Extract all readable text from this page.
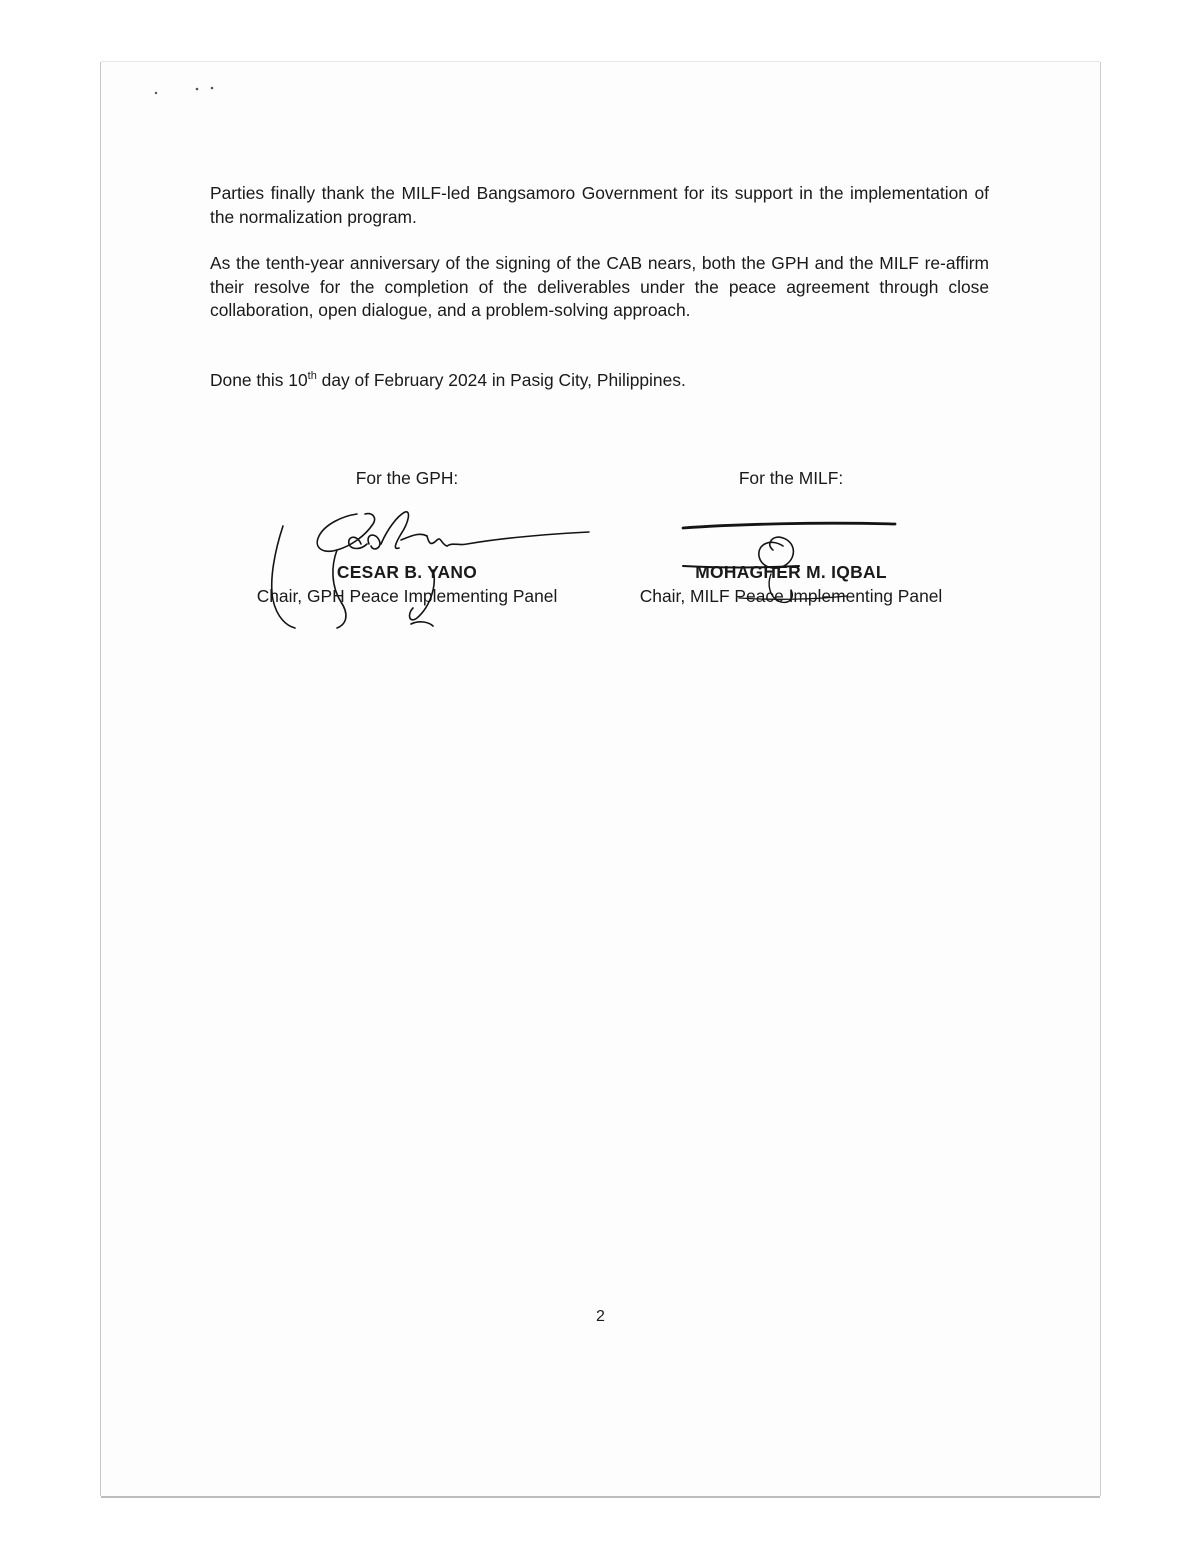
Parties finally thank the MILF-led Bangsamoro Government for its support in the implementation of the normalization program.

As the tenth-year anniversary of the signing of the CAB nears, both the GPH and the MILF re-affirm their resolve for the completion of the deliverables under the peace agreement through close collaboration, open dialogue, and a problem-solving approach.

Done this 10th day of February 2024 in Pasig City, Philippines.

For the GPH:
CESAR B. YANO
Chair, GPH Peace Implementing Panel
For the MILF:
MOHAGHER M. IQBAL
Chair, MILF Peace Implementing Panel
2
